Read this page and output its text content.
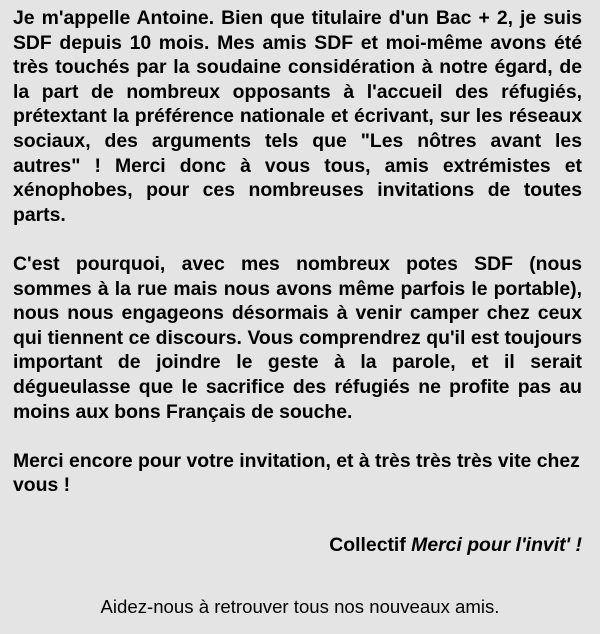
Je m'appelle Antoine. Bien que titulaire d'un Bac + 2, je suis SDF depuis 10 mois. Mes amis SDF et moi-même avons été très touchés par la soudaine considération à notre égard, de la part de nombreux opposants à l'accueil des réfugiés, prétextant la préférence nationale et écrivant, sur les réseaux sociaux, des arguments tels que "Les nôtres avant les autres" ! Merci donc à vous tous, amis extrémistes et xénophobes, pour ces nombreuses invitations de toutes parts.

C'est pourquoi, avec mes nombreux potes SDF (nous sommes à la rue mais nous avons même parfois le portable), nous nous engageons désormais à venir camper chez ceux qui tiennent ce discours. Vous comprendrez qu'il est toujours important de joindre le geste à la parole, et il serait dégueulasse que le sacrifice des réfugiés ne profite pas au moins aux bons Français de souche.

Merci encore pour votre invitation, et à très très très vite chez vous !

Collectif Merci pour l'invit' !
Aidez-nous à retrouver tous nos nouveaux amis.
